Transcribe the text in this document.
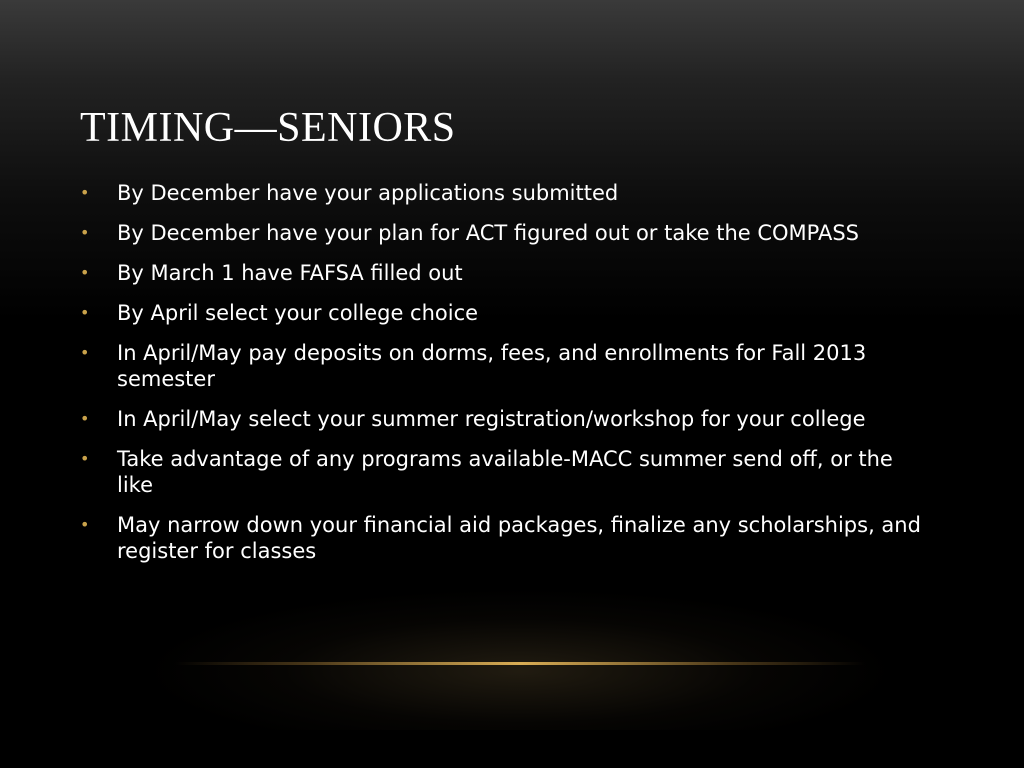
TIMING—SENIORS
• By December have your applications submitted
• By December have your plan for ACT figured out or take the COMPASS
• By March 1 have FAFSA filled out
• By April select your college choice
• In April/May pay deposits on dorms, fees, and enrollments for Fall 2013 semester
• In April/May select your summer registration/workshop for your college
• Take advantage of any programs available-MACC summer send off, or the like
• May narrow down your financial aid packages, finalize any scholarships, and register for classes
